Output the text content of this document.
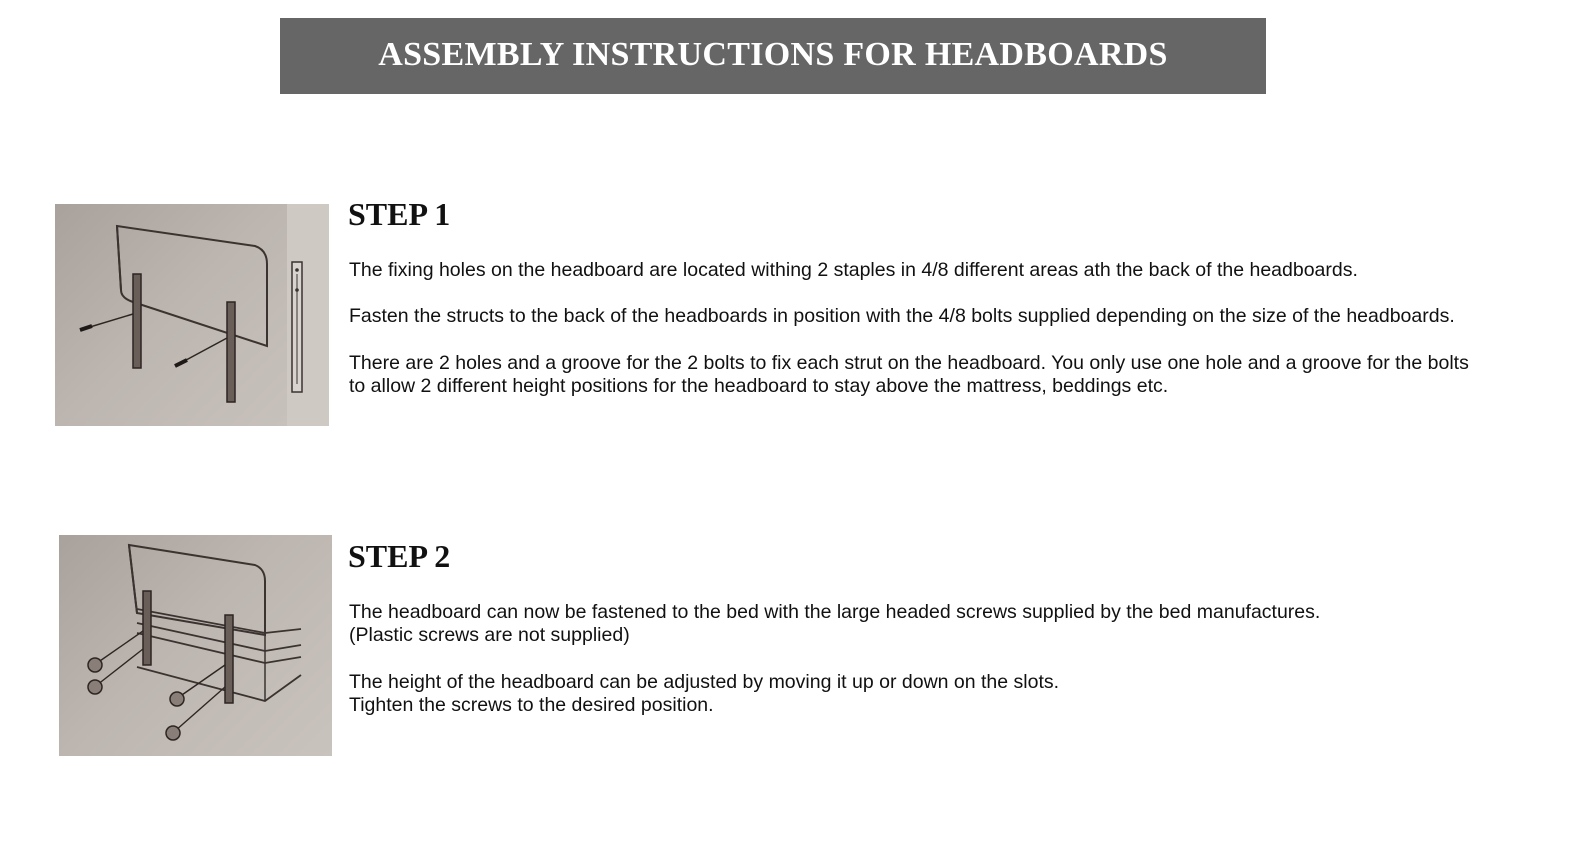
ASSEMBLY INSTRUCTIONS FOR HEADBOARDS
STEP 1

The fixing holes on the headboard are located withing 2 staples in 4/8 different areas ath the back of the headboards.

Fasten the structs to the back of the headboards in position with the 4/8 bolts supplied depending on the size of the headboards.

There are 2 holes and a groove for the 2 bolts to fix each strut on the headboard. You only use one hole and a groove for the bolts
to allow 2 different height positions for the headboard to stay above the mattress, beddings etc.

STEP 2

The headboard can now be fastened to the bed with the large headed screws supplied by the bed manufactures.
(Plastic screws are not supplied)

The height of the headboard can be adjusted by moving it up or down on the slots.
Tighten the screws to the desired position.
